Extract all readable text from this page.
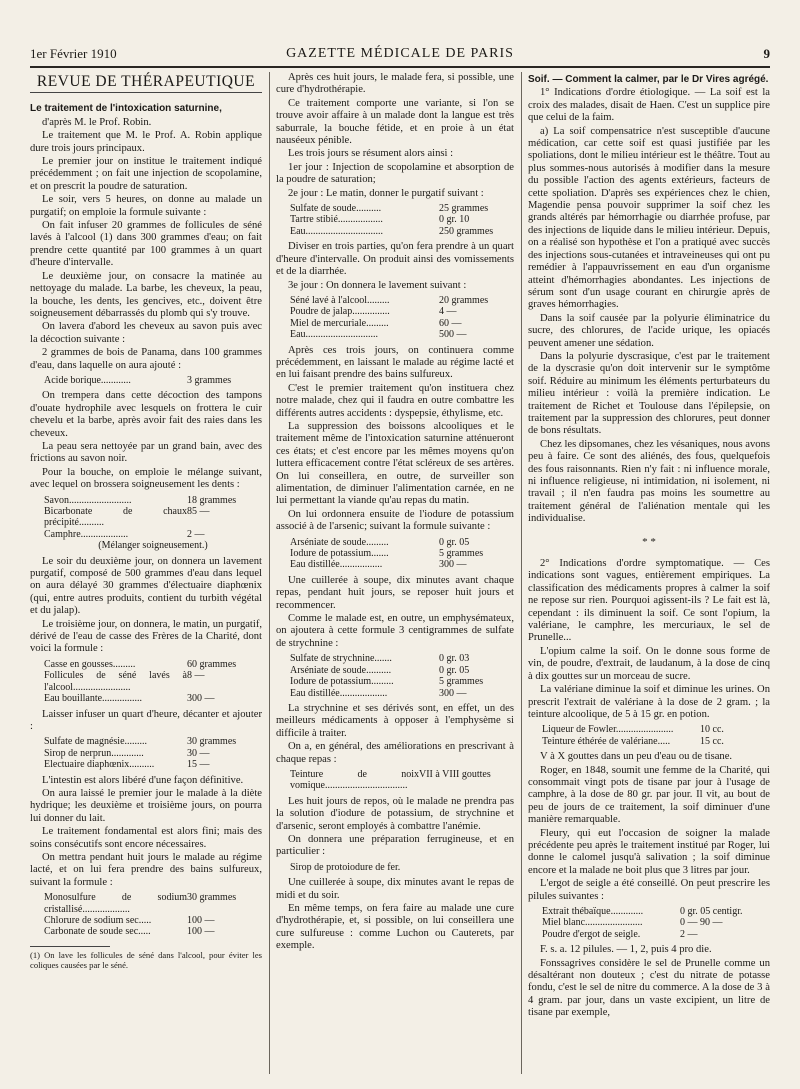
1er Février 1910	GAZETTE MÉDICALE DE PARIS	9

REVUE DE THÉRAPEUTIQUE

Le traitement de l'intoxication saturnine,

d'après M. le Prof. Robin.

Le traitement que M. le Prof. A. Robin applique dure trois jours principaux.

Le premier jour on institue le traitement indiqué précédemment ; on fait une injection de scopolamine, et on prescrit la poudre de saturation.

Le soir, vers 5 heures, on donne au malade un purgatif; on emploie la formule suivante :

On fait infuser 20 grammes de follicules de séné lavés à l'alcool (1) dans 300 grammes d'eau; on fait prendre cette quantité par 100 grammes à un quart d'heure d'intervalle.

Le deuxième jour, on consacre la matinée au nettoyage du malade. La barbe, les cheveux, la peau, la bouche, les dents, les gencives, etc., doivent être soigneusement débarrassés du plomb qui s'y trouve.

On lavera d'abord les cheveux au savon puis avec la décoction suivante :

2 grammes de bois de Panama, dans 100 grammes d'eau, dans laquelle on aura ajouté :

Acide borique............	3 grammes

On trempera dans cette décoction des tampons d'ouate hydrophile avec lesquels on frottera le cuir chevelu et la barbe, après avoir fait des raies dans les cheveux.

La peau sera nettoyée par un grand bain, avec des frictions au savon noir.

Pour la bouche, on emploie le mélange suivant, avec lequel on brossera soigneusement les dents :

Savon.........................	18 grammes
Bicarbonate de chaux précipité..........
85 —
Camphre...................	2 —
(Mélanger soigneusement.)

Le soir du deuxième jour, on donnera un lavement purgatif, composé de 500 grammes d'eau dans lequel on aura délayé 30 grammes d'électuaire diaphœnix (qui, entre autres produits, contient du turbith végétal et du jalap).

Le troisième jour, on donnera, le matin, un purgatif, dérivé de l'eau de casse des Frères de la Charité, dont voici la formule :

Casse en gousses.........	60 grammes
Follicules de séné lavés à l'alcool.......................
8 —
Eau bouillante................	300 —

Laisser infuser un quart d'heure, décanter et ajouter :

Sulfate de magnésie.........	30 grammes
Sirop de nerprun.............	30 —
Electuaire diaphœnix..........	15 —

L'intestin est alors libéré d'une façon définitive.

On aura laissé le premier jour le malade à la diète hydrique; les deuxième et troisième jours, on pourra lui donner du lait.

Le traitement fondamental est alors fini; mais des soins consécutifs sont encore nécessaires.

On mettra pendant huit jours le malade au régime lacté, et on lui fera prendre des bains sulfureux, suivant la formule :

Monosulfure de sodium cristallisé...................
30 grammes
Chlorure de sodium sec.....	100 —
Carbonate de soude sec.....	100 —

(1) On lave les follicules de séné dans l'alcool, pour éviter les coliques causées par le séné.

Après ces huit jours, le malade fera, si possible, une cure d'hydrothérapie.

Ce traitement comporte une variante, si l'on se trouve avoir affaire à un malade dont la langue est très saburrale, la bouche fétide, et en proie à un état nauséeux pénible.

Les trois jours se résument alors ainsi :

1er jour : Injection de scopolamine et absorption de la poudre de saturation;

2e jour : Le matin, donner le purgatif suivant :

Sulfate de soude..........	25 grammes
Tartre stibié..................	0 gr. 10
Eau...............................	250 grammes

Diviser en trois parties, qu'on fera prendre à un quart d'heure d'intervalle. On produit ainsi des vomissements et de la diarrhée.

3e jour : On donnera le lavement suivant :

Séné lavé à l'alcool.........	20 grammes
Poudre de jalap...............	4 —
Miel de mercuriale.........	60 —
Eau.............................	500 —

Après ces trois jours, on continuera comme précédemment, en laissant le malade au régime lacté et en lui faisant prendre des bains sulfureux.

C'est le premier traitement qu'on instituera chez notre malade, chez qui il faudra en outre combattre les différents autres accidents : dyspepsie, éthylisme, etc.

La suppression des boissons alcooliques et le traitement même de l'intoxication saturnine atténueront ces états; et c'est encore par les mêmes moyens qu'on luttera efficacement contre l'état scléreux de ses artères. On lui conseillera, en outre, de surveiller son alimentation, de diminuer l'alimentation carnée, en ne lui permettant la viande qu'au repas du matin.

On lui ordonnera ensuite de l'iodure de potassium associé à de l'arsenic; suivant la formule suivante :

Arséniate de soude.........	0 gr. 05
Iodure de potassium.......	5 grammes
Eau distillée.................	300 —

Une cuillerée à soupe, dix minutes avant chaque repas, pendant huit jours, se reposer huit jours et recommencer.

Comme le malade est, en outre, un emphysémateux, on ajoutera à cette formule 3 centigrammes de sulfate de strychnine :

Sulfate de strychnine.......	0 gr. 03
Arséniate de soude..........	0 gr. 05
Iodure de potassium.........	5 grammes
Eau distillée...................	300 —

La strychnine et ses dérivés sont, en effet, un des meilleurs médicaments à opposer à l'emphysème si difficile à traiter.

On a, en général, des améliorations en prescrivant à chaque repas :

Teinture de noix vomique.................................
VII à VIII gouttes

Les huit jours de repos, où le malade ne prendra pas la solution d'iodure de potassium, de strychnine et d'arsenic, seront employés à combattre l'anémie.

On donnera une préparation ferrugineuse, et en particulier :

Sirop de protoiodure de fer.

Une cuillerée à soupe, dix minutes avant le repas de midi et du soir.

En même temps, on fera faire au malade une cure d'hydrothérapie, et, si possible, on lui conseillera une cure sulfureuse : comme Luchon ou Cauterets, par exemple.

Soif. — Comment la calmer, par le Dr Vires agrégé.

1° Indications d'ordre étiologique. — La soif est la croix des malades, disait de Haen. C'est un supplice pire que celui de la faim.

a) La soif compensatrice n'est susceptible d'aucune médication, car cette soif est quasi justifiée par les spoliations, dont le milieu intérieur est le théâtre. Tout au plus sommes-nous autorisés à modifier dans la mesure du possible l'action des agents extérieurs, facteurs de cette spoliation. D'après ses expériences chez le chien, Magendie pensa pouvoir supprimer la soif chez les grands altérés par hémorrhagie ou diarrhée profuse, par des injections de liquide dans le milieu intérieur. Depuis, on a réalisé son hypothèse et l'on a pratiqué avec succès des injections sous-cutanées et intraveineuses qui ont pu remédier à l'appauvrissement en eau d'un organisme atteint d'hémorrhagies abondantes. Les injections de sérum sont d'un usage courant en chirurgie après de graves hémorrhagies.

Dans la soif causée par la polyurie éliminatrice du sucre, des chlorures, de l'acide urique, les opiacés peuvent amener une sédation.

Dans la polyurie dyscrasique, c'est par le traitement de la dyscrasie qu'on doit intervenir sur le symptôme soif. Réduire au minimum les éléments perturbateurs du milieu intérieur : voilà la première indication. Le traitement de Richet et Toulouse dans l'épilepsie, on traitement par la suppression des chlorures, peut donner de bons résultats.

Chez les dipsomanes, chez les vésaniques, nous avons peu à faire. Ce sont des aliénés, des fous, quelquefois des fous raisonnants. Rien n'y fait : ni influence morale, ni influence religieuse, ni intimidation, ni isolement, ni travail ; il n'en faudra pas moins les soumettre au traitement général de l'aliénation mentale qui les individualise.

* *

2° Indications d'ordre symptomatique. — Ces indications sont vagues, entièrement empiriques. La classification des médicaments propres à calmer la soif ne repose sur rien. Pourquoi agissent-ils ? Le fait est là, cependant : ils diminuent la soif. Ce sont l'opium, la valériane, le camphre, les mercuriaux, le sel de Prunelle...

L'opium calme la soif. On le donne sous forme de vin, de poudre, d'extrait, de laudanum, à la dose de cinq à dix gouttes sur un morceau de sucre.

La valériane diminue la soif et diminue les urines. On prescrit l'extrait de valériane à la dose de 2 gram. ; la teinture alcoolique, de 5 à 15 gr. en potion.

Liqueur de Fowler.......................	10 cc.
Teinture éthérée de valériane.....	15 cc.

V à X gouttes dans un peu d'eau ou de tisane.

Roger, en 1848, soumit une femme de la Charité, qui consommait vingt pots de tisane par jour à l'usage de camphre, à la dose de 80 gr. par jour. Il vit, au bout de peu de jours de ce traitement, la soif diminuer d'une manière remarquable.

Fleury, qui eut l'occasion de soigner la malade précédente peu après le traitement institué par Roger, lui donne le calomel jusqu'à salivation ; la soif diminue encore et la malade ne boit plus que 3 litres par jour.

L'ergot de seigle a été conseillé. On peut prescrire les pilules suivantes :

Extrait thébaïque.............	0 gr. 05 centigr.
Miel blanc.......................	0 — 90 —
Poudre d'ergot de seigle.	2 —

F. s. a. 12 pilules. — 1, 2, puis 4 pro die.

Fonssagrives considère le sel de Prunelle comme un désaltérant non douteux ; c'est du nitrate de potasse fondu, c'est le sel de nitre du commerce. A la dose de 3 à 4 gram. par jour, dans un vaste excipient, un litre de tisane par exemple,
